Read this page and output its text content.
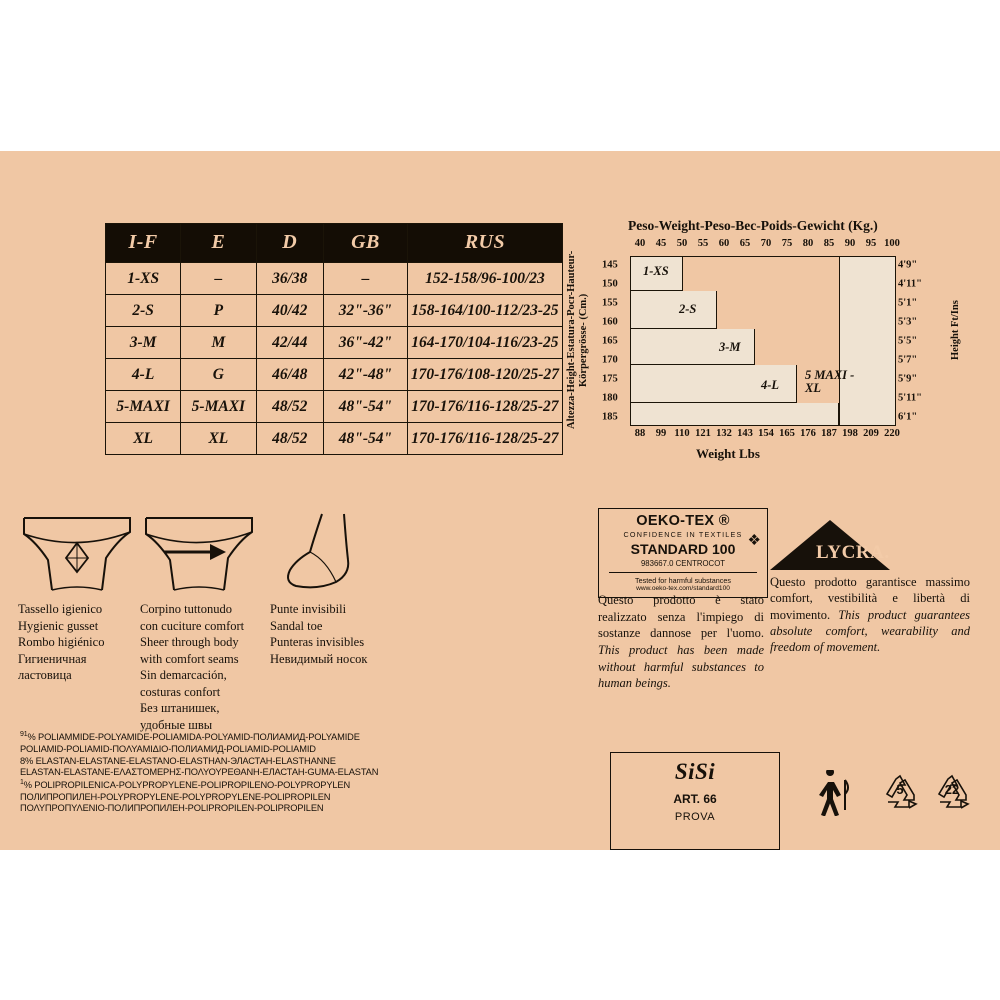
I-F	E	D	GB	RUS
1-XS	–	36/38	–	152-158/96-100/23
2-S	P	40/42	32"-36"	158-164/100-112/23-25
3-M	M	42/44	36"-42"	164-170/104-116/23-25
4-L	G	46/48	42"-48"	170-176/108-120/25-27
5-MAXI	5-MAXI	48/52	48"-54"	170-176/116-128/25-27
XL	XL	48/52	48"-54"	170-176/116-128/25-27
Peso-Weight-Peso-Bec-Poids-Gewicht (Kg.)
Altezza-Height-Estatura-Pocr-Hauteur-Körpergrösse- (Cm.)	Height Ft/Ins
40 45 50 55 60 65 70 75 80 85 90 95 100
88 99 110 121 132 143 154 165 176 187 198 209 220
145
150
155
160
165
170
175
180
185
4'9"
4'11"
5'1"
5'3"
5'5"
5'7"
5'9"
5'11"
6'1"
1-XS
2-S
3-M
4-L
5 MAXI -XL
Weight Lbs
Tassello igienico
Hygienic gusset
Rombo higiénico
Гигиеничная
ластовица
Corpino tuttonudo
con cuciture comfort
Sheer through body
with comfort seams
Sin demarcación,
costuras confort
Без штанишек,
удобные швы
Punte invisibili
Sandal toe
Punteras invisibles
Невидимый носок
OEKO-TEX ®
CONFIDENCE IN TEXTILES
STANDARD 100
983667.0 CENTROCOT
Tested for harmful substances
www.oeko-tex.com/standard100
❖
Questo prodotto è stato realizzato senza l'impiego di sostanze dannose per l'uomo. This product has been made without harmful substances to human beings.
LYCRA.
Questo prodotto garantisce massimo comfort, vestibilità e libertà di movimento. This product guarantees absolute comfort, wearability and freedom of movement.
$^{91}$% POLIAMMIDE-POLYAMIDE-POLIAMIDA-POLYAMID-ПОЛИАМИД-POLYAMIDE
POLIAMID-POLIAMID-ΠΟΛΥΑΜΙΔΙΟ-ПОЛИАМИД-POLIAMID-POLIAMID
8% ELASTAN-ELASTANE-ELASTANO-ELASTHAN-ЭЛАСТАН-ELASTHANNE
ELASTAN-ELASTANE-ΕΛΑΣΤΟΜΕΡΗΣ-ΠΟΛΥΟΥΡΕΘΑΝΗ-ЕЛАСТАН-GUMA-ELASTAN
$^1$% POLIPROPILENICA-POLYPROPYLENE-POLIPROPILENO-POLYPROPYLEN
ПОЛИПРОПИЛЕН-POLYPROPYLENE-POLYPROPYLENE-POLIPROPILEN
ΠΟΛΥΠΡΟΠΥΛΕΝΙΟ-ПОЛИПРОПИЛЕН-POLIPROPILEN-POLIPROPILEN
SiSi
ART. 66
PROVA
5	22
